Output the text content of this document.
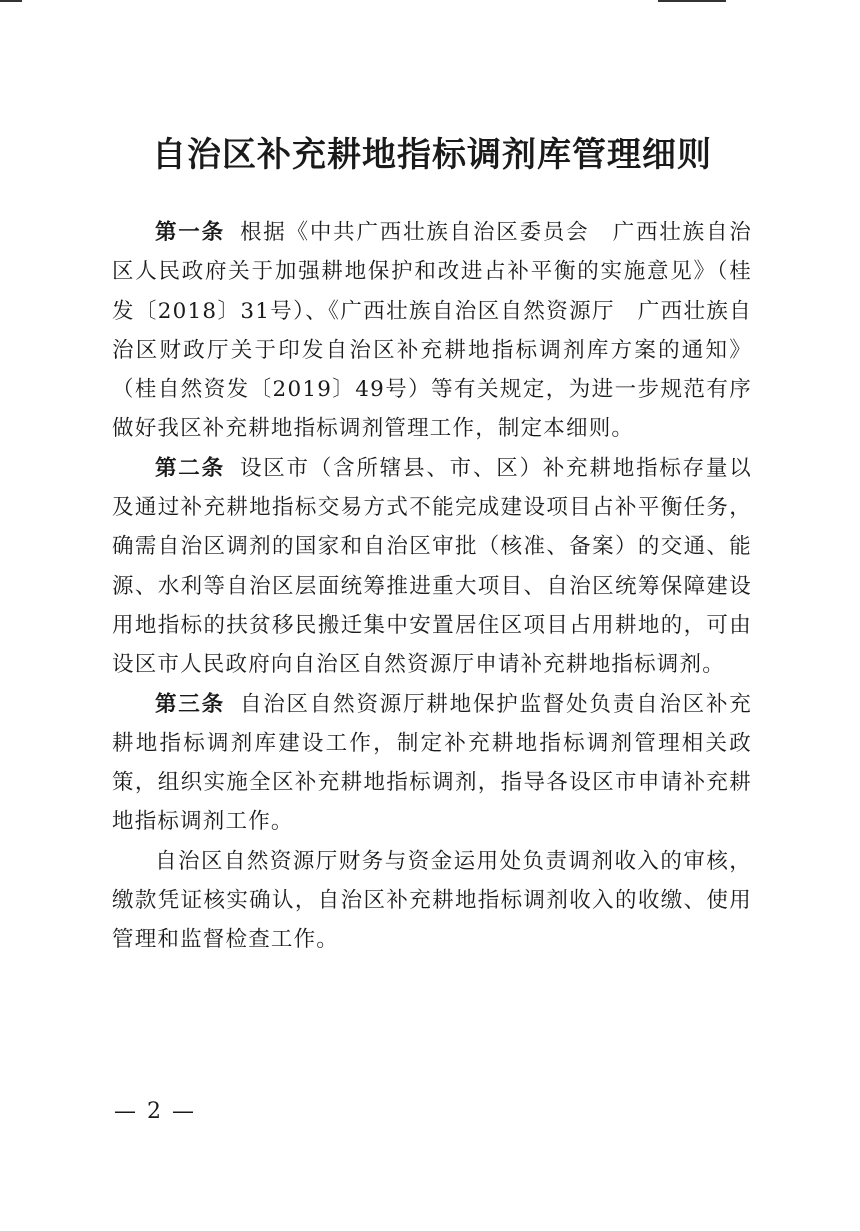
自治区补充耕地指标调剂库管理细则

第一条 根据《中共广西壮族自治区委员会　广西壮族自治区人民政府关于加强耕地保护和改进占补平衡的实施意见》（桂发〔2018〕31号）、《广西壮族自治区自然资源厅　广西壮族自治区财政厅关于印发自治区补充耕地指标调剂库方案的通知》（桂自然资发〔2019〕49号）等有关规定，为进一步规范有序做好我区补充耕地指标调剂管理工作，制定本细则。

第二条 设区市（含所辖县、市、区）补充耕地指标存量以及通过补充耕地指标交易方式不能完成建设项目占补平衡任务，确需自治区调剂的国家和自治区审批（核准、备案）的交通、能源、水利等自治区层面统筹推进重大项目、自治区统筹保障建设用地指标的扶贫移民搬迁集中安置居住区项目占用耕地的，可由设区市人民政府向自治区自然资源厅申请补充耕地指标调剂。

第三条 自治区自然资源厅耕地保护监督处负责自治区补充耕地指标调剂库建设工作，制定补充耕地指标调剂管理相关政策，组织实施全区补充耕地指标调剂，指导各设区市申请补充耕地指标调剂工作。

自治区自然资源厅财务与资金运用处负责调剂收入的审核，缴款凭证核实确认，自治区补充耕地指标调剂收入的收缴、使用管理和监督检查工作。

— 2 —
